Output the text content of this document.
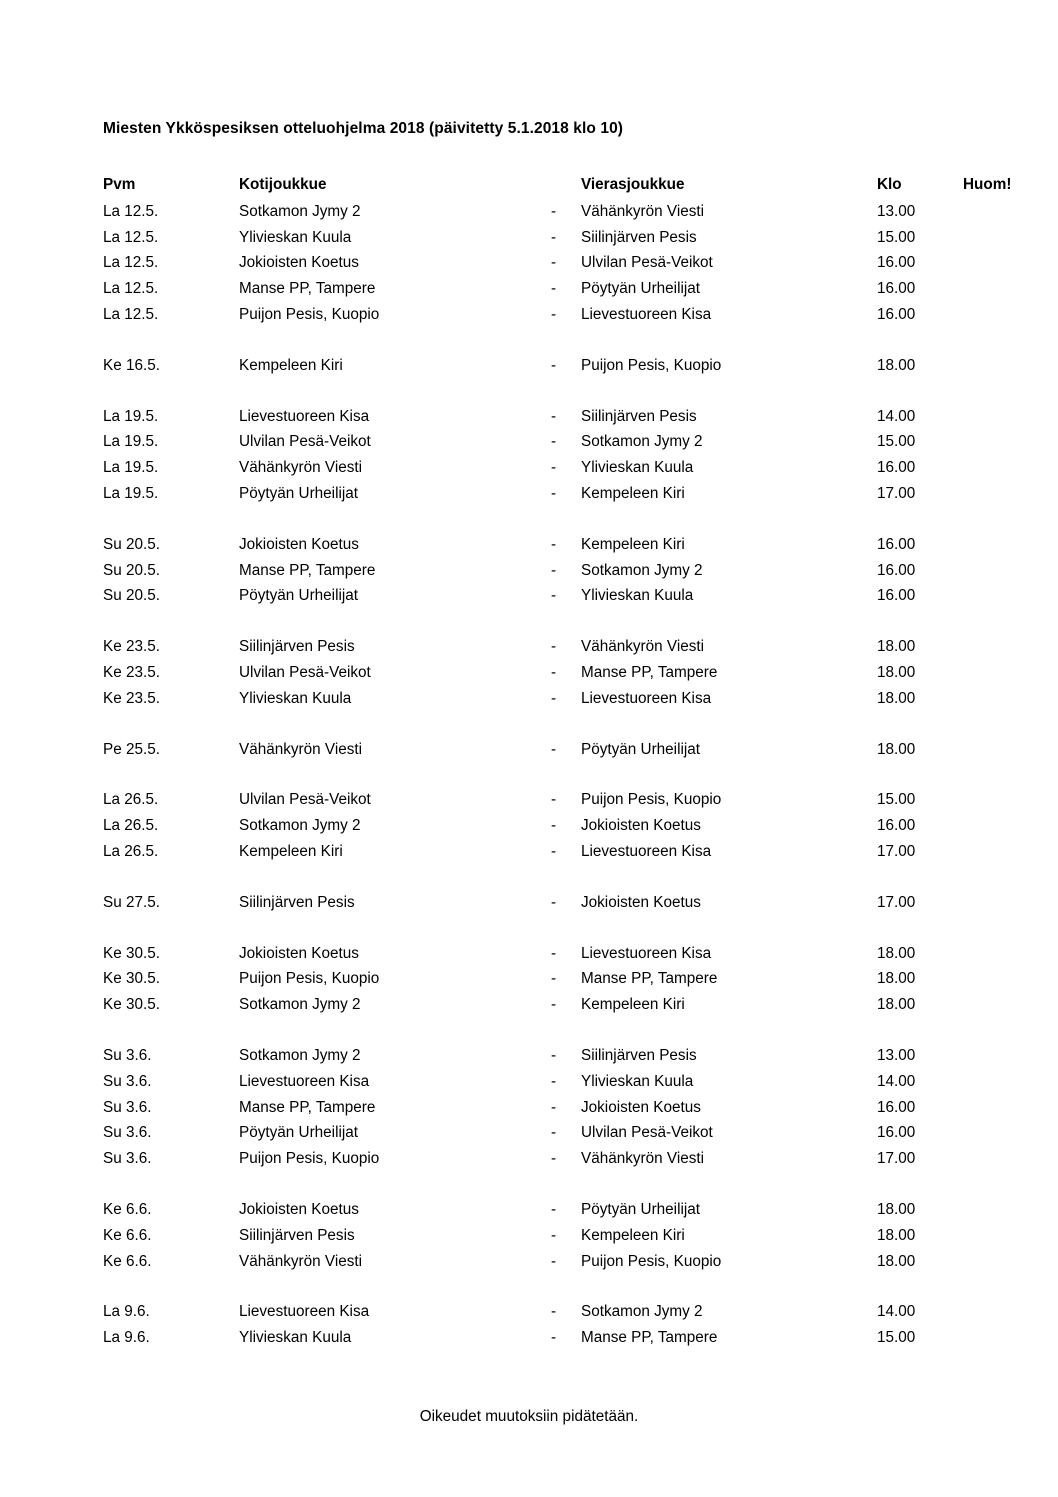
Miesten Ykköspesiksen otteluohjelma 2018 (päivitetty 5.1.2018 klo 10)
Pvm	Kotijoukkue		Vierasjoukkue	Klo	Huom!
La 12.5.	Sotkamon Jymy 2	-	Vähänkyrön Viesti	13.00	
La 12.5.	Ylivieskan Kuula	-	Siilinjärven Pesis	15.00	
La 12.5.	Jokioisten Koetus	-	Ulvilan Pesä-Veikot	16.00	
La 12.5.	Manse PP, Tampere	-	Pöytyän Urheilijat	16.00	
La 12.5.	Puijon Pesis, Kuopio	-	Lievestuoreen Kisa	16.00	

Ke 16.5.	Kempeleen Kiri	-	Puijon Pesis, Kuopio	18.00	

La 19.5.	Lievestuoreen Kisa	-	Siilinjärven Pesis	14.00	
La 19.5.	Ulvilan Pesä-Veikot	-	Sotkamon Jymy 2	15.00	
La 19.5.	Vähänkyrön Viesti	-	Ylivieskan Kuula	16.00	
La 19.5.	Pöytyän Urheilijat	-	Kempeleen Kiri	17.00	

Su 20.5.	Jokioisten Koetus	-	Kempeleen Kiri	16.00	
Su 20.5.	Manse PP, Tampere	-	Sotkamon Jymy 2	16.00	
Su 20.5.	Pöytyän Urheilijat	-	Ylivieskan Kuula	16.00	

Ke 23.5.	Siilinjärven Pesis	-	Vähänkyrön Viesti	18.00	
Ke 23.5.	Ulvilan Pesä-Veikot	-	Manse PP, Tampere	18.00	
Ke 23.5.	Ylivieskan Kuula	-	Lievestuoreen Kisa	18.00	

Pe 25.5.	Vähänkyrön Viesti	-	Pöytyän Urheilijat	18.00	

La 26.5.	Ulvilan Pesä-Veikot	-	Puijon Pesis, Kuopio	15.00	
La 26.5.	Sotkamon Jymy 2	-	Jokioisten Koetus	16.00	
La 26.5.	Kempeleen Kiri	-	Lievestuoreen Kisa	17.00	

Su 27.5.	Siilinjärven Pesis	-	Jokioisten Koetus	17.00	

Ke 30.5.	Jokioisten Koetus	-	Lievestuoreen Kisa	18.00	
Ke 30.5.	Puijon Pesis, Kuopio	-	Manse PP, Tampere	18.00	
Ke 30.5.	Sotkamon Jymy 2	-	Kempeleen Kiri	18.00	

Su 3.6.	Sotkamon Jymy 2	-	Siilinjärven Pesis	13.00	
Su 3.6.	Lievestuoreen Kisa	-	Ylivieskan Kuula	14.00	
Su 3.6.	Manse PP, Tampere	-	Jokioisten Koetus	16.00	
Su 3.6.	Pöytyän Urheilijat	-	Ulvilan Pesä-Veikot	16.00	
Su 3.6.	Puijon Pesis, Kuopio	-	Vähänkyrön Viesti	17.00	

Ke 6.6.	Jokioisten Koetus	-	Pöytyän Urheilijat	18.00	
Ke 6.6.	Siilinjärven Pesis	-	Kempeleen Kiri	18.00	
Ke 6.6.	Vähänkyrön Viesti	-	Puijon Pesis, Kuopio	18.00	

La 9.6.	Lievestuoreen Kisa	-	Sotkamon Jymy 2	14.00	
La 9.6.	Ylivieskan Kuula	-	Manse PP, Tampere	15.00	
Oikeudet muutoksiin pidätetään.
